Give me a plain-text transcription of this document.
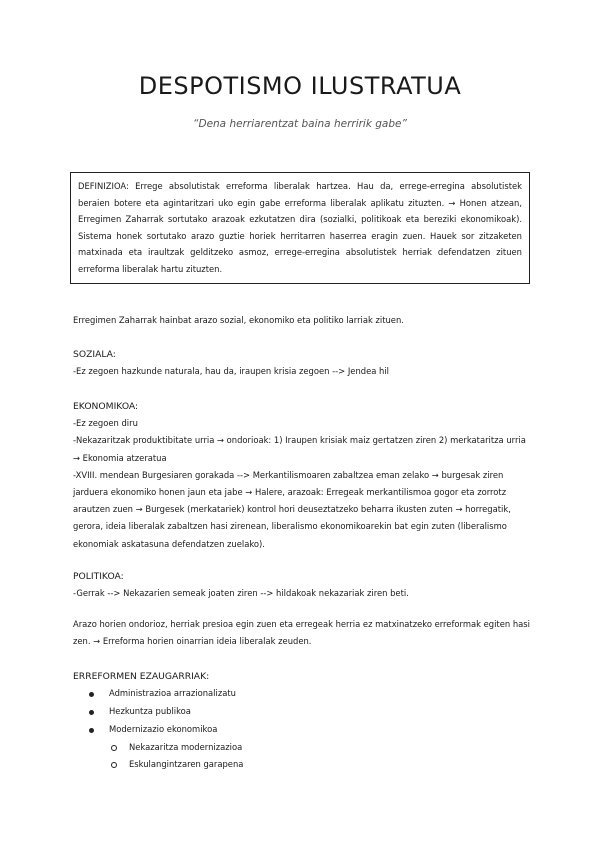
DESPOTISMO ILUSTRATUA
“Dena herriarentzat baina herririk gabe”
DEFINIZIOA: Errege absolutistak erreforma liberalak hartzea. Hau da, errege-erregina absolutistek beraien botere eta agintaritzari uko egin gabe erreforma liberalak aplikatu zituzten. → Honen atzean, Erregimen Zaharrak sortutako arazoak ezkutatzen dira (sozialki, politikoak eta bereziki ekonomikoak). Sistema honek sortutako arazo guztie horiek herritarren haserrea eragin zuen. Hauek sor zitzaketen matxinada eta iraultzak gelditzeko asmoz, errege-erregina absolutistek herriak defendatzen zituen erreforma liberalak hartu zituzten.

Erregimen Zaharrak hainbat arazo sozial, ekonomiko eta politiko larriak zituen.

SOZIALA:

-Ez zegoen hazkunde naturala, hau da, iraupen krisia zegoen --> Jendea hil

EKONOMIKOA:

-Ez zegoen diru

-Nekazaritzak produktibitate urria → ondorioak: 1) Iraupen krisiak maiz gertatzen ziren 2) merkataritza urria → Ekonomia atzeratua

-XVIII. mendean Burgesiaren gorakada --> Merkantilismoaren zabaltzea eman zelako → burgesak ziren jarduera ekonomiko honen jaun eta jabe → Halere, arazoak: Erregeak merkantilismoa gogor eta zorrotz arautzen zuen → Burgesek (merkatariek) kontrol hori deuseztatzeko beharra ikusten zuten → horregatik, gerora, ideia liberalak zabaltzen hasi zirenean, liberalismo ekonomikoarekin bat egin zuten (liberalismo ekonomiak askatasuna defendatzen zuelako).

POLITIKOA:

-Gerrak --> Nekazarien semeak joaten ziren --> hildakoak nekazariak ziren beti.

Arazo horien ondorioz, herriak presioa egin zuen eta erregeak herria ez matxinatzeko erreformak egiten hasi zen. → Erreforma horien oinarrian ideia liberalak zeuden.

ERREFORMEN EZAUGARRIAK:

Administrazioa arrazionalizatu
Hezkuntza publikoa
Modernizazio ekonomikoa
Nekazaritza modernizazioa
Eskulangintzaren garapena
